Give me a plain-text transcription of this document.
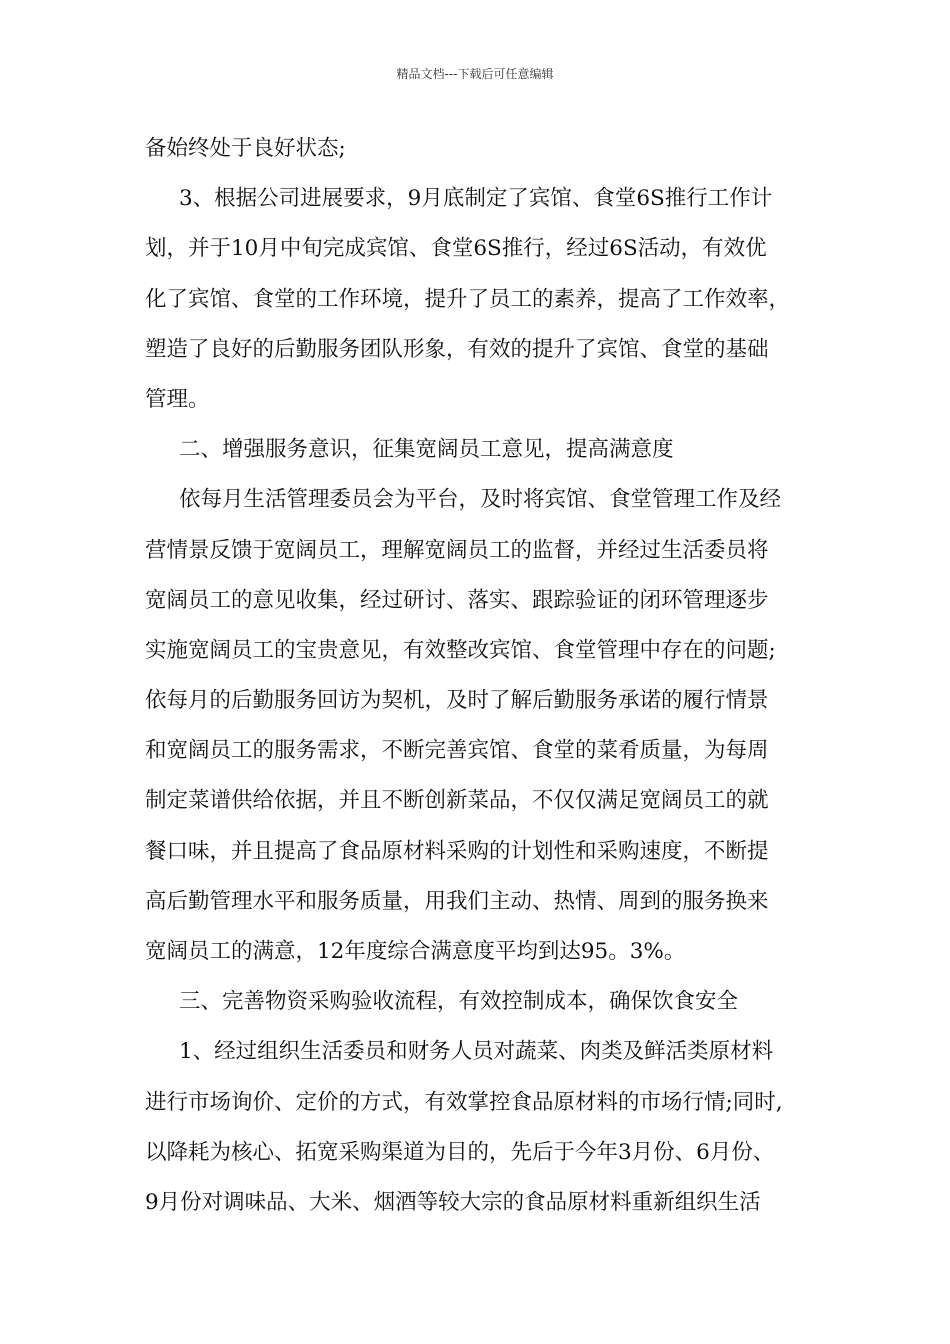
精品文档---下载后可任意编辑
备始终处于良好状态;
3、根据公司进展要求，9月底制定了宾馆、食堂6S推行工作计
划，并于10月中旬完成宾馆、食堂6S推行，经过6S活动，有效优
化了宾馆、食堂的工作环境，提升了员工的素养，提高了工作效率，
塑造了良好的后勤服务团队形象，有效的提升了宾馆、食堂的基础
管理。
二、增强服务意识，征集宽阔员工意见，提高满意度
依每月生活管理委员会为平台，及时将宾馆、食堂管理工作及经
营情景反馈于宽阔员工，理解宽阔员工的监督，并经过生活委员将
宽阔员工的意见收集，经过研讨、落实、跟踪验证的闭环管理逐步
实施宽阔员工的宝贵意见，有效整改宾馆、食堂管理中存在的问题;
依每月的后勤服务回访为契机，及时了解后勤服务承诺的履行情景
和宽阔员工的服务需求，不断完善宾馆、食堂的菜肴质量，为每周
制定菜谱供给依据，并且不断创新菜品，不仅仅满足宽阔员工的就
餐口味，并且提高了食品原材料采购的计划性和采购速度，不断提
高后勤管理水平和服务质量，用我们主动、热情、周到的服务换来
宽阔员工的满意，12年度综合满意度平均到达95。3%。
三、完善物资采购验收流程，有效控制成本，确保饮食安全
1、经过组织生活委员和财务人员对蔬菜、肉类及鲜活类原材料
进行市场询价、定价的方式，有效掌控食品原材料的市场行情;同时,
以降耗为核心、拓宽采购渠道为目的，先后于今年3月份、6月份、
9月份对调味品、大米、烟酒等较大宗的食品原材料重新组织生活
